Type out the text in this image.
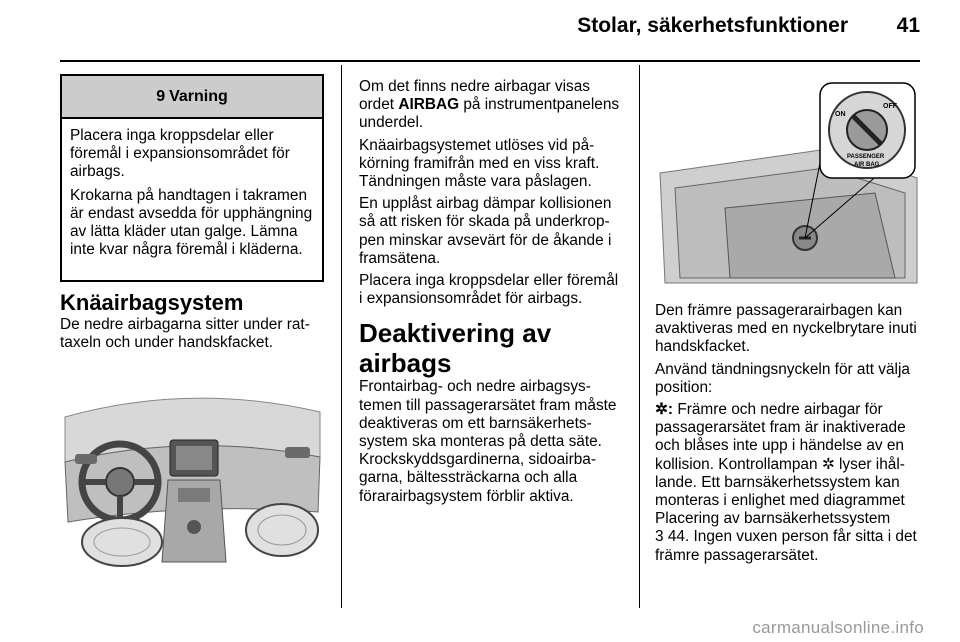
Stolar, säkerhetsfunktioner 41
9 Varning

Placera inga kroppsdelar eller föremål i expansionsområdet för airbags.

Krokarna på handtagen i takramen är endast avsedda för upphängning av lätta kläder utan galge. Lämna inte kvar några föremål i kläderna.

Knäairbagsystem

De nedre airbagarna sitter under rattaxeln och under handskfacket.

Om det finns nedre airbagar visas ordet AIRBAG på instrumentpanelens underdel.

Knäairbagsystemet utlöses vid påkörning framifrån med en viss kraft. Tändningen måste vara påslagen.

En upplåst airbag dämpar kollisionen så att risken för skada på underkroppen minskar avsevärt för de åkande i framsätena.

Placera inga kroppsdelar eller föremål i expansionsområdet för airbags.

Deaktivering av airbags

Frontairbag- och nedre airbagsystemen till passagerarsätet fram måste deaktiveras om ett barnsäkerhetssystem ska monteras på detta säte. Krockskyddsgardinerna, sidoairbagarna, bältessträckarna och alla förarairbagsystem förblir aktiva.

ON
OFF
PASSENGER
AIR BAG

Den främre passagerarairbagen kan avaktiveras med en nyckelbrytare inuti handskfacket.

Använd tändningsnyckeln för att välja position:

✲: Främre och nedre airbagar för passagerarsätet fram är inaktiverade och blåses inte upp i händelse av en kollision. Kontrollampan ✲ lyser ihållande. Ett barnsäkerhetssystem kan monteras i enlighet med diagrammet Placering av barnsäkerhetssystem
3 44. Ingen vuxen person får sitta i det främre passagerarsätet.

carmanualsonline.info
